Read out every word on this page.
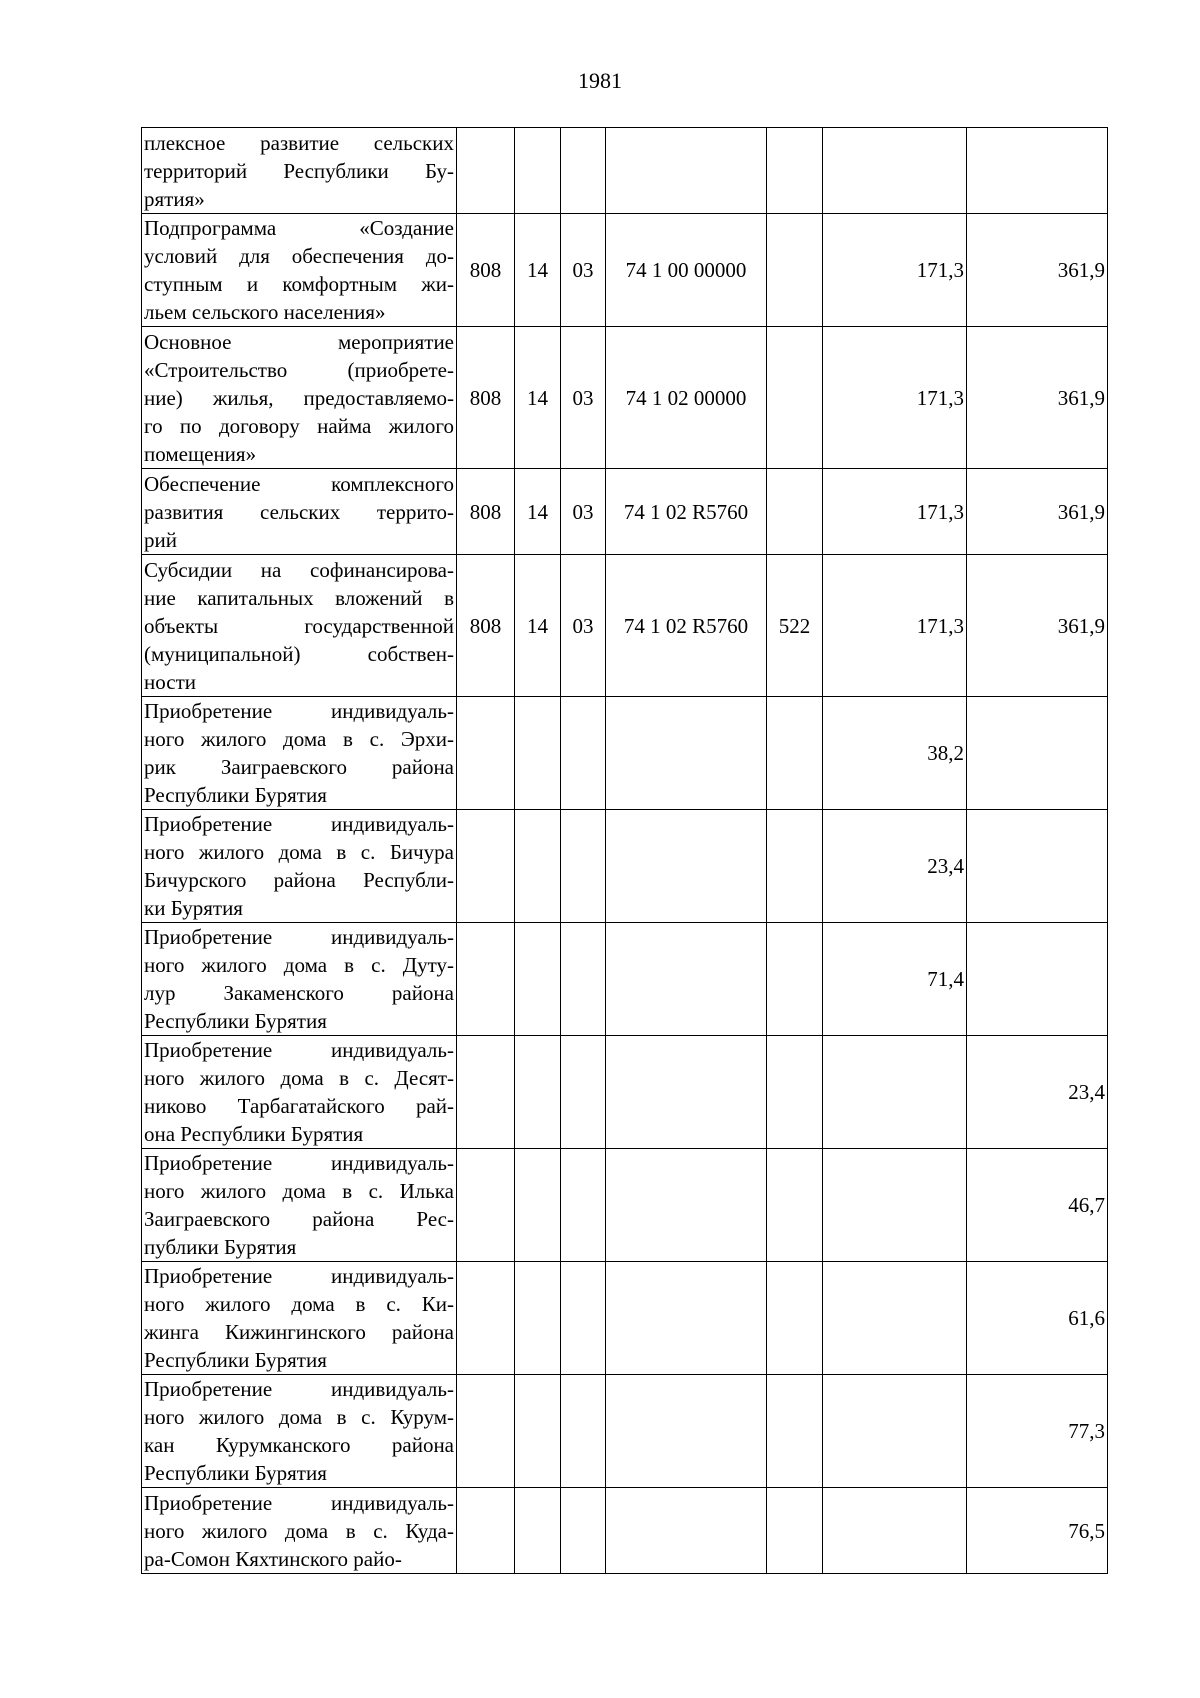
1981
плексное развитие сельских
территорий Республики Бу-
рятия»							

Подпрограмма «Создание
условий для обеспечения до-
ступным и комфортным жи-
льем сельского населения»	808	14	03	74 1 00 00000		171,3	361,9

Основное мероприятие
«Строительство (приобрете-
ние) жилья, предоставляемо-
го по договору найма жилого
помещения»	808	14	03	74 1 02 00000		171,3	361,9

Обеспечение комплексного
развития сельских террито-
рий	808	14	03	74 1 02 R5760		171,3	361,9

Субсидии на софинансирова-
ние капитальных вложений в
объекты государственной
(муниципальной) собствен-
ности	808	14	03	74 1 02 R5760	522	171,3	361,9

Приобретение индивидуаль-
ного жилого дома в с. Эрхи-
рик Заиграевского района
Республики Бурятия						38,2	

Приобретение индивидуаль-
ного жилого дома в с. Бичура
Бичурского района Республи-
ки Бурятия						23,4	

Приобретение индивидуаль-
ного жилого дома в с. Дуту-
лур Закаменского района
Республики Бурятия						71,4	

Приобретение индивидуаль-
ного жилого дома в с. Десят-
никово Тарбагатайского рай-
она Республики Бурятия							23,4

Приобретение индивидуаль-
ного жилого дома в с. Илька
Заиграевского района Рес-
публики Бурятия							46,7

Приобретение индивидуаль-
ного жилого дома в с. Ки-
жинга Кижингинского района
Республики Бурятия							61,6

Приобретение индивидуаль-
ного жилого дома в с. Курум-
кан Курумканского района
Республики Бурятия							77,3

Приобретение индивидуаль-
ного жилого дома в с. Куда-
ра-Сомон Кяхтинского райо-							76,5
